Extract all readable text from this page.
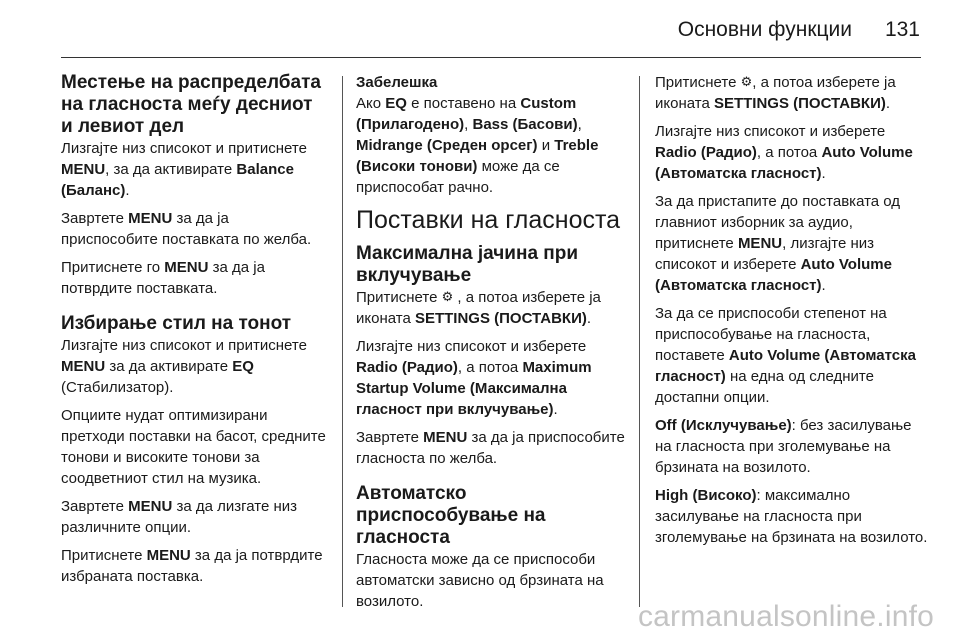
Основни функции 131
Местење на распределбата на гласноста меѓу десниот и левиот дел

Лизгајте низ списокот и притиснете MENU, за да активирате Balance (Баланс).

Завртете MENU за да ја приспособите поставката по желба.

Притиснете го MENU за да ја потврдите поставката.

Избирање стил на тонот

Лизгајте низ списокот и притиснете MENU за да активирате EQ (Стабилизатор).

Опциите нудат оптимизирани претходи поставки на басот, средните тонови и високите тонови за соодветниот стил на музика.

Завртете MENU за да лизгате низ различните опции.

Притиснете MENU за да ја потврдите избраната поставка.

Забелешка

Ако EQ е поставено на Custom (Прилагодено), Bass (Басови), Midrange (Среден орсег) и Treble (Високи тонови) може да се приспособат рачно.

Поставки на гласноста
Максимална јачина при вклучување

Притиснете ⚙ , а потоа изберете ја иконата SETTINGS (ПОСТАВКИ).

Лизгајте низ списокот и изберете Radio (Радио), а потоа Maximum Startup Volume (Максимална гласност при вклучување).

Завртете MENU за да ја приспособите гласноста по желба.

Автоматско приспособување на гласноста

Гласноста може да се приспособи автоматски зависно од брзината на возилото.

Притиснете ⚙, а потоа изберете ја иконата SETTINGS (ПОСТАВКИ).

Лизгајте низ списокот и изберете Radio (Радио), а потоа Auto Volume (Автоматска гласност).

За да пристапите до поставката од главниот изборник за аудио, притиснете MENU, лизгајте низ списокот и изберете Auto Volume (Автоматска гласност).

За да се приспособи степенот на приспособување на гласноста, поставете Auto Volume (Автоматска гласност) на една од следните достапни опции.

Off (Исклучување): без засилување на гласноста при зголемување на брзината на возилото.

High (Високо): максимално засилување на гласноста при зголемување на брзината на возилото.

carmanualsonline.info
